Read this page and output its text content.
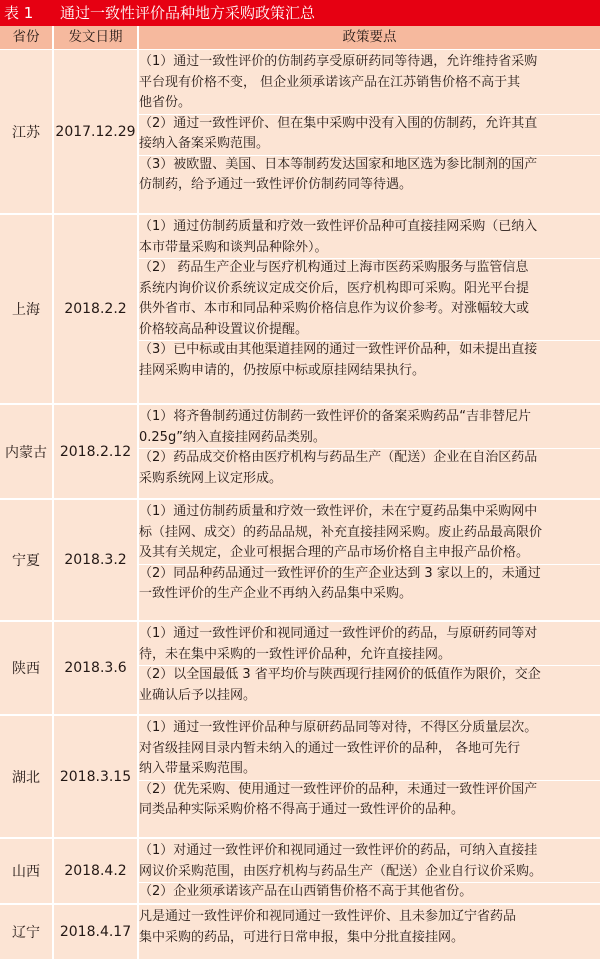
表 1 通过一致性评价品种地方采购政策汇总
省份	发文日期	政策要点
江苏	2017.12.29
（1）通过一致性评价的仿制药享受原研药同等待遇，允许维持省采购
平台现有价格不变， 但企业须承诺该产品在江苏销售价格不高于其
他省份。
（2）通过一致性评价、但在集中采购中没有入围的仿制药，允许其直
接纳入备案采购范围。
（3）被欧盟、美国、日本等制药发达国家和地区选为参比制剂的国产
仿制药，给予通过一致性评价仿制药同等待遇。
上海	2018.2.2
（1）通过仿制药质量和疗效一致性评价品种可直接挂网采购（已纳入
本市带量采购和谈判品种除外）。
（2） 药品生产企业与医疗机构通过上海市医药采购服务与监管信息
系统内询价议价系统议定成交价后，医疗机构即可采购。阳光平台提
供外省市、本市和同品种采购价格信息作为议价参考。对涨幅较大或
价格较高品种设置议价提醒。
（3）已中标或由其他渠道挂网的通过一致性评价品种，如未提出直接
挂网采购申请的，仍按原中标或原挂网结果执行。
内蒙古 2018.2.12
（1）将齐鲁制药通过仿制药一致性评价的备案采购药品“吉非替尼片
0.25g”纳入直接挂网药品类别。
（2）药品成交价格由医疗机构与药品生产（配送）企业在自治区药品
采购系统网上议定形成。
宁夏	2018.3.2
（1）通过仿制药质量和疗效一致性评价，未在宁夏药品集中采购网中
标（挂网、成交）的药品品规，补充直接挂网采购。废止药品最高限价
及其有关规定，企业可根据合理的产品市场价格自主申报产品价格。
（2）同品种药品通过一致性评价的生产企业达到 3 家以上的，未通过
一致性评价的生产企业不再纳入药品集中采购。
陕西	2018.3.6
（1）通过一致性评价和视同通过一致性评价的药品，与原研药同等对
待，未在集中采购的一致性评价品种，允许直接挂网。
（2）以全国最低 3 省平均价与陕西现行挂网价的低值作为限价，交企
业确认后予以挂网。
湖北	2018.3.15
（1）通过一致性评价品种与原研药品同等对待，不得区分质量层次。
对省级挂网目录内暂未纳入的通过一致性评价的品种， 各地可先行
纳入带量采购范围。
（2）优先采购、使用通过一致性评价的品种，未通过一致性评价国产
同类品种实际采购价格不得高于通过一致性评价的品种。
山西	2018.4.2
（1）对通过一致性评价和视同通过一致性评价的药品，可纳入直接挂
网议价采购范围，由医疗机构与药品生产（配送）企业自行议价采购。
（2）企业须承诺该产品在山西销售价格不高于其他省份。
辽宁	2018.4.17
凡是通过一致性评价和视同通过一致性评价、且未参加辽宁省药品
集中采购的药品，可进行日常申报，集中分批直接挂网。
